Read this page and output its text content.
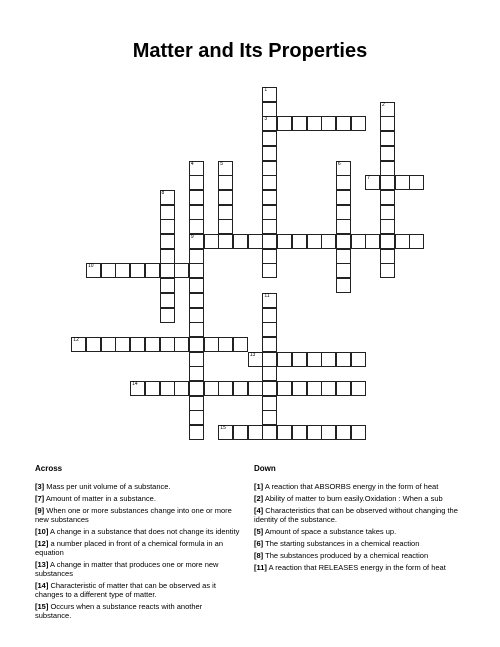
Matter and Its Properties
1
3
2
4
9
5	6
7
8
10
11
12
13
14
15
Across	Down
[3] Mass per unit volume of a substance.
[7] Amount of matter in a substance.
[9] When one or more substances change into one or more new substances
[10] A change in a substance that does not change its identity
[12] a number placed in front of a chemical formula in an equation
[13] A change in matter that produces one or more new substances
[14] Characteristic of matter that can be observed as it changes to a different type of matter.
[15] Occurs when a substance reacts with another substance.
[1] A reaction that ABSORBS energy in the form of heat
[2] Ability of matter to burn easily.Oxidation : When a sub
[4] Characteristics that can be observed without changing the identity of the substance.
[5] Amount of space a substance takes up.
[6] The starting substances in a chemical reaction
[8] The substances produced by a chemical reaction
[11] A reaction that RELEASES energy in the form of heat
